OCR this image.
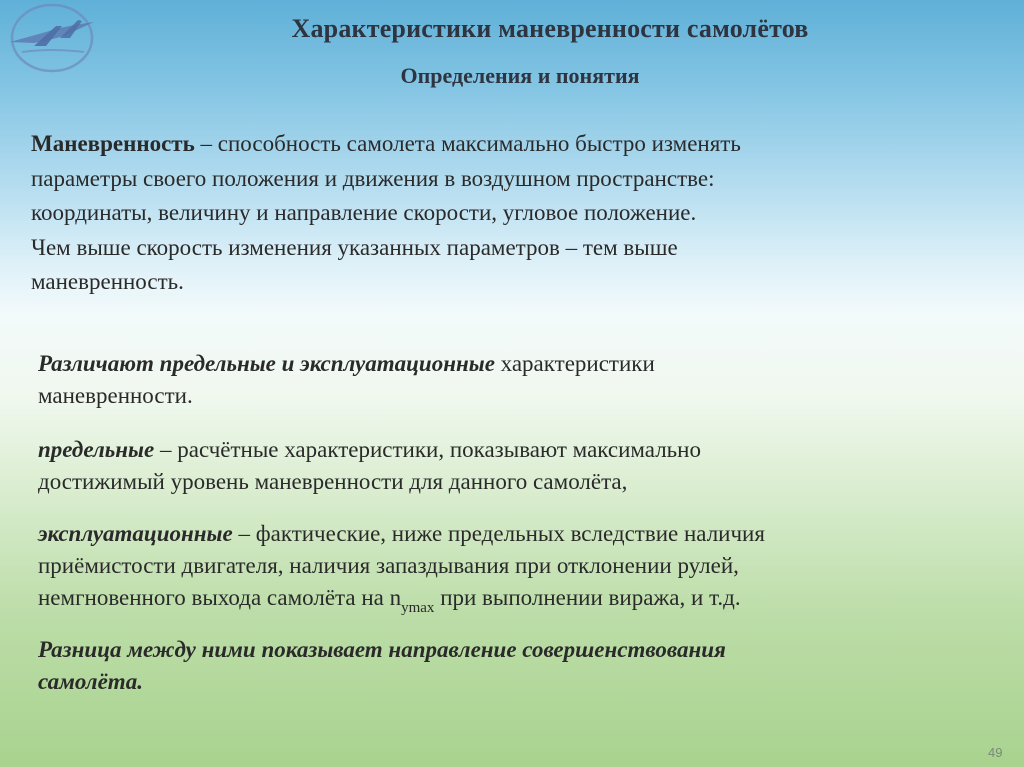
Характеристики маневренности самолётов
Определения и понятия

Маневренность – способность самолета максимально быстро изменять
параметры своего положения и движения в воздушном пространстве:
координаты, величину и направление скорости, угловое положение.
Чем выше скорость изменения указанных параметров – тем выше
маневренность.

Различают предельные и эксплуатационные характеристики
маневренности.

предельные – расчётные характеристики, показывают максимально
достижимый уровень маневренности для данного самолёта,

эксплуатационные – фактические, ниже предельных вследствие наличия
приёмистости двигателя, наличия запаздывания при отклонении рулей,
немгновенного выхода самолёта на $n_{ymax}$ при выполнении виража, и т.д.

Разница между ними показывает направление совершенствования
самолёта.

49
